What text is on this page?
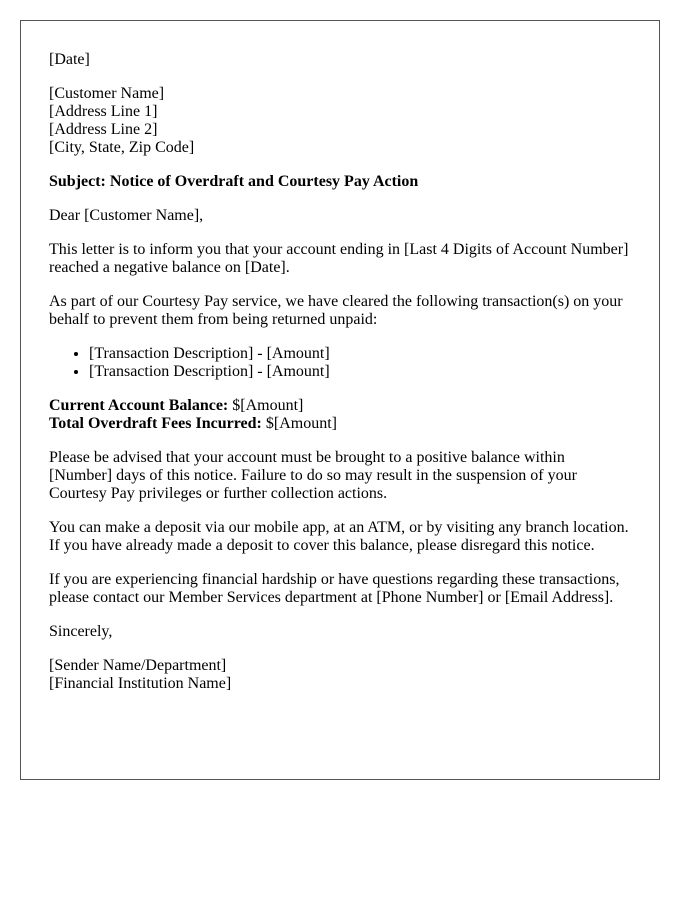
[Date]

[Customer Name]

[Address Line 1]

[Address Line 2]

[City, State, Zip Code]

Subject: Notice of Overdraft and Courtesy Pay Action

Dear [Customer Name],

This letter is to inform you that your account ending in [Last 4 Digits of Account Number] reached a negative balance on [Date].

As part of our Courtesy Pay service, we have cleared the following transaction(s) on your behalf to prevent them from being returned unpaid:

• [Transaction Description] - [Amount]
• [Transaction Description] - [Amount]

Current Account Balance: $[Amount]

Total Overdraft Fees Incurred: $[Amount]

Please be advised that your account must be brought to a positive balance within [Number] days of this notice. Failure to do so may result in the suspension of your Courtesy Pay privileges or further collection actions.

You can make a deposit via our mobile app, at an ATM, or by visiting any branch location. If you have already made a deposit to cover this balance, please disregard this notice.

If you are experiencing financial hardship or have questions regarding these transactions, please contact our Member Services department at [Phone Number] or [Email Address].

Sincerely,

[Sender Name/Department]

[Financial Institution Name]
